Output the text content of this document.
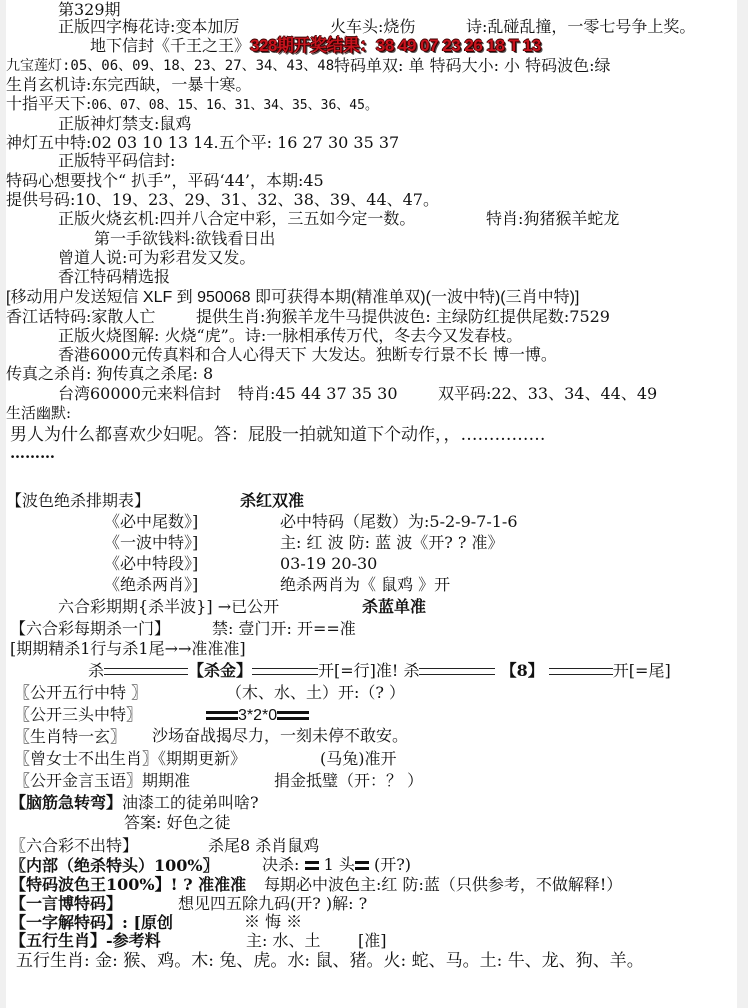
第329期
正版四字梅花诗:变本加厉	火车头:烧伤	诗:乱碰乱撞，一零七号争上奖。
地下信封《千王之王》 328期开奖结果：38 49 07 23 26 18 T 13
九宝莲灯:05、06、09、18、23、27、34、43、48 特码单双: 单 特码大小: 小 特码波色:绿
生肖玄机诗:东完西缺，一暴十寒。
十指平天下:06、07、08、15、16、31、34、35、36、45。
正版神灯禁支:鼠鸡
神灯五中特:02 03 10 13 14.五个平: 16 27 30 35 37
正版特平码信封:
特码心想要找个“ 扒手”，平码‘44’，本期:45
提供号码:10、19、23、29、31、32、38、39、44、47。
正版火烧玄机:四并八合定中彩，三五如今定一数。	特肖:狗猪猴羊蛇龙
第一手欲钱料:欲钱看日出
曾道人说:可为彩君发又发。
香江特码精选报
[移动用户发送短信 XLF 到 950068 即可获得本期(精准单双)(一波中特)(三肖中特)]
香江话特码:家散人亡	提供生肖:狗猴羊龙牛马提供波色: 主绿防红提供尾数:7529
正版火烧图解: 火烧“虎”。诗:一脉相承传万代，冬去今又发春枝。
香港6000元传真料和合人心得天下 大发达。独断专行景不长 博一博。
传真之杀肖: 狗传真之杀尾: 8
台湾60000元来料信封 特肖:45 44 37 35 30	双平码:22、33、34、44、49
生活幽默:
男人为什么都喜欢少妇呢。答：屁股一拍就知道下个动作，，……………
………
【波色绝杀排期表】	杀红双准
《必中尾数》]	必中特码（尾数）为:5-2-9-7-1-6
《一波中特》]	主: 红 波 防: 蓝 波《开? ? 准》
《必中特段》]	03-19 20-30
《绝杀两肖》]	绝杀两肖为《 鼠鸡 》开
六合彩期期{杀半波}] →已公开	杀蓝单准
【六合彩每期杀一门】	禁: 壹门开: 开==准
[期期精杀1行与杀1尾→→准准准]
杀	【杀金】	开[=行]准! 杀	【8】	开[=尾]
〖公开五行中特 〗	（木、水、土）开:（? ）
〖公开三头中特〗	3*2*0
〖生肖特一玄〗 沙场奋战揭尽力，一刻未停不敢安。
〖曾女士不出生肖〗《期期更新》	(马兔)准开
〖公开金言玉语〗期期准	捐金抵璧（开：？ ）
【脑筋急转弯】油漆工的徒弟叫啥?
答案: 好色之徒
〖六合彩不出特】	杀尾8 杀肖鼠鸡
〖内部（绝杀特头）100%〗	决杀: 1 头 (开?)
【特码波色王100%】! ? 准准准 每期必中波色主:红 防:蓝（只供参考，不做解释!）
【一言博特码】	想见四五除九码(开? )解: ?
【一字解特码】: [原创	※ 悔 ※
【五行生肖】-参考料	主: 水、土 [准]
五行生肖: 金: 猴、鸡。木: 兔、虎。水: 鼠、猪。火: 蛇、马。土: 牛、龙、狗、羊。
